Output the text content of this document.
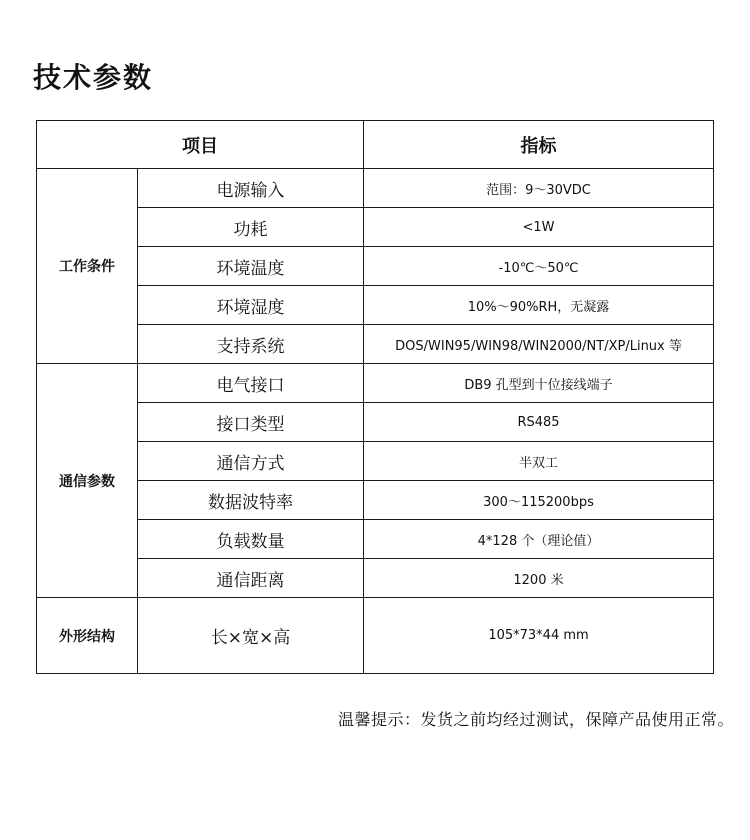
技术参数
项目		指标
工作条件	电源输入	范围：9～30VDC
	功耗	<1W
	环境温度	-10℃～50℃
	环境湿度	10%～90%RH，无凝露
	支持系统	DOS/WIN95/WIN98/WIN2000/NT/XP/Linux 等
通信参数	电气接口	DB9 孔型到十位接线端子
	接口类型	RS485
	通信方式	半双工
	数据波特率	300～115200bps
	负载数量	4*128 个（理论值）
	通信距离	1200 米
外形结构	长×宽×高	105*73*44 mm
温馨提示：发货之前均经过测试，保障产品使用正常。
